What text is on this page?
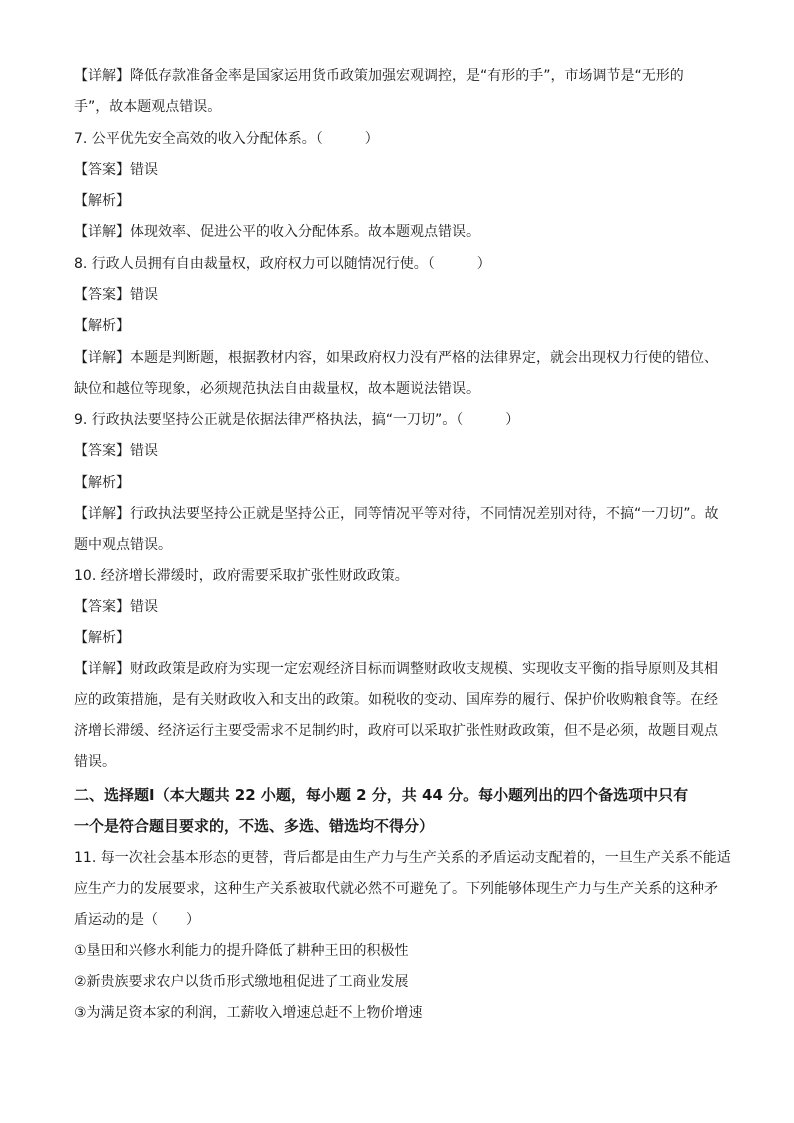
【详解】降低存款准备金率是国家运用货币政策加强宏观调控，是“有形的手”，市场调节是“无形的
手”，故本题观点错误。
7. 公平优先安全高效的收入分配体系。（　　　）
【答案】错误
【解析】
【详解】体现效率、促进公平的收入分配体系。故本题观点错误。
8. 行政人员拥有自由裁量权，政府权力可以随情况行使。（　　　）
【答案】错误
【解析】
【详解】本题是判断题，根据教材内容，如果政府权力没有严格的法律界定，就会出现权力行使的错位、
缺位和越位等现象，必须规范执法自由裁量权，故本题说法错误。
9. 行政执法要坚持公正就是依据法律严格执法，搞“一刀切”。（　　　）
【答案】错误
【解析】
【详解】行政执法要坚持公正就是坚持公正，同等情况平等对待，不同情况差别对待，不搞“一刀切”。故
题中观点错误。
10. 经济增长滞缓时，政府需要采取扩张性财政政策。
【答案】错误
【解析】
【详解】财政政策是政府为实现一定宏观经济目标而调整财政收支规模、实现收支平衡的指导原则及其相
应的政策措施，是有关财政收入和支出的政策。如税收的变动、国库券的履行、保护价收购粮食等。在经
济增长滞缓、经济运行主要受需求不足制约时，政府可以采取扩张性财政政策，但不是必须，故题目观点
错误。
二、选择题Ⅰ（本大题共 22 小题，每小题 2 分，共 44 分。每小题列出的四个备选项中只有
一个是符合题目要求的，不选、多选、错选均不得分）
11. 每一次社会基本形态的更替，背后都是由生产力与生产关系的矛盾运动支配着的，一旦生产关系不能适
应生产力的发展要求，这种生产关系被取代就必然不可避免了。下列能够体现生产力与生产关系的这种矛
盾运动的是（　　）
①垦田和兴修水利能力的提升降低了耕种王田的积极性
②新贵族要求农户以货币形式缴地租促进了工商业发展
③为满足资本家的利润，工薪收入增速总赶不上物价增速
